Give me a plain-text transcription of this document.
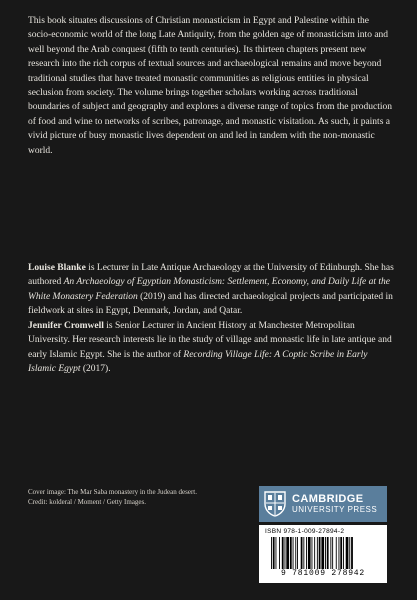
This book situates discussions of Christian monasticism in Egypt and Palestine within the socio-economic world of the long Late Antiquity, from the golden age of monasticism into and well beyond the Arab conquest (fifth to tenth centuries). Its thirteen chapters present new research into the rich corpus of textual sources and archaeological remains and move beyond traditional studies that have treated monastic communities as religious entities in physical seclusion from society. The volume brings together scholars working across traditional boundaries of subject and geography and explores a diverse range of topics from the production of food and wine to networks of scribes, patronage, and monastic visitation. As such, it paints a vivid picture of busy monastic lives dependent on and led in tandem with the non-monastic world.

Louise Blanke is Lecturer in Late Antique Archaeology at the University of Edinburgh. She has authored An Archaeology of Egyptian Monasticism: Settlement, Economy, and Daily Life at the White Monastery Federation (2019) and has directed archaeological projects and participated in fieldwork at sites in Egypt, Denmark, Jordan, and Qatar.

Jennifer Cromwell is Senior Lecturer in Ancient History at Manchester Metropolitan University. Her research interests lie in the study of village and monastic life in late antique and early Islamic Egypt. She is the author of Recording Village Life: A Coptic Scribe in Early Islamic Egypt (2017).

Cover image: The Mar Saba monastery in the Judean desert. Credit: kolderal / Moment / Getty Images.	CAMBRIDGE
UNIVERSITY PRESS
ISBN 978-1-009-27894-2
9 781009 278942
